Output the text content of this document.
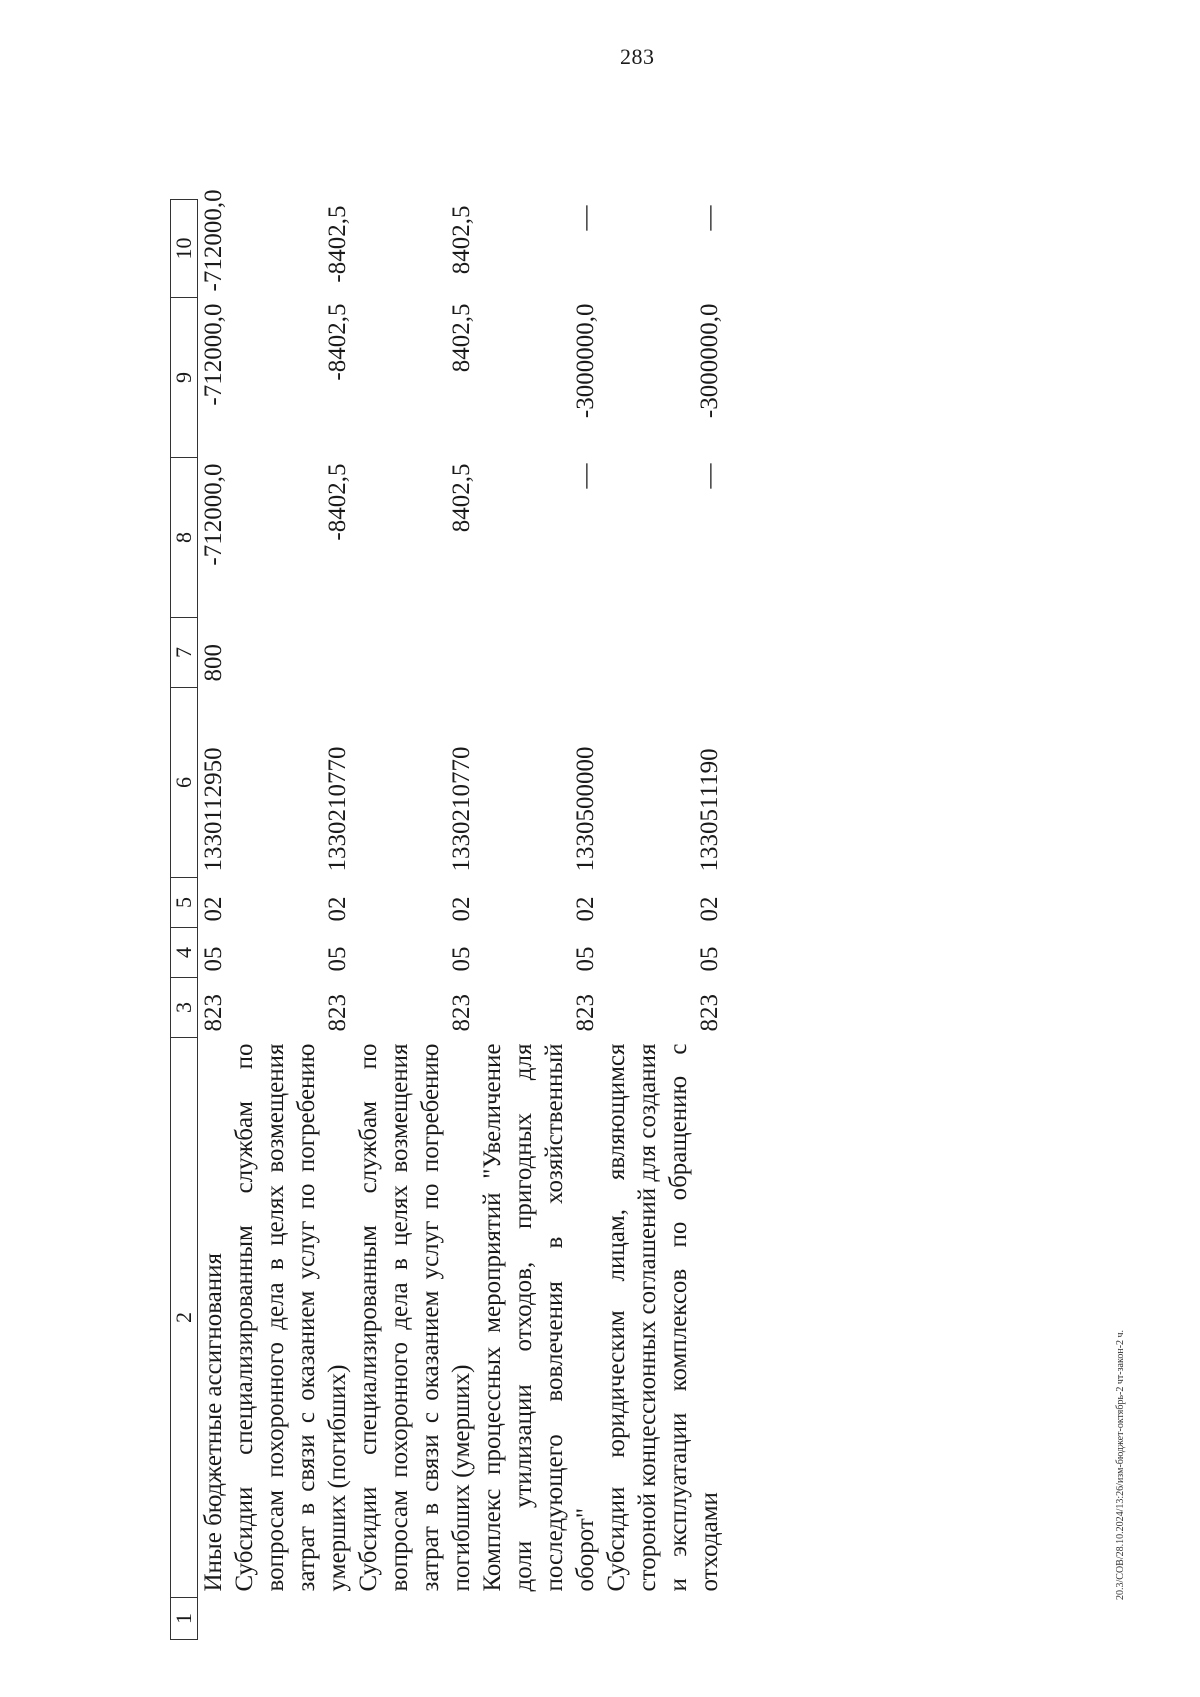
283
1	2	3	4	5	6	7	8	9	10
	Иные бюджетные ассигнования	823	05	02	1330112950	800	-712000,0	-712000,0	-712000,0
	Субсидии специализированным службам по вопросам похоронного дела в целях возмещения затрат в связи с оказанием услуг по погребению умерших (погибших)	823	05	02	1330210770		-8402,5	-8402,5	-8402,5
	Субсидии специализированным службам по вопросам похоронного дела в целях возмещения затрат в связи с оказанием услуг по погребению погибших (умерших)	823	05	02	1330210770		8402,5	8402,5	8402,5
	Комплекс процессных мероприятий "Увеличение доли утилизации отходов, пригодных для последующего вовлечения в хозяйственный оборот"	823	05	02	1330500000		—	-3000000,0	—
	Субсидии юридическим лицам, являющимся стороной концессионных соглашений для создания и эксплуатации комплексов по обращению с отходами	823	05	02	1330511190		—	-3000000,0	—
20.3/СОВ/28.10.2024/13:26/изм-бюджет-октябрь-2 чт-закон-2 ч.
